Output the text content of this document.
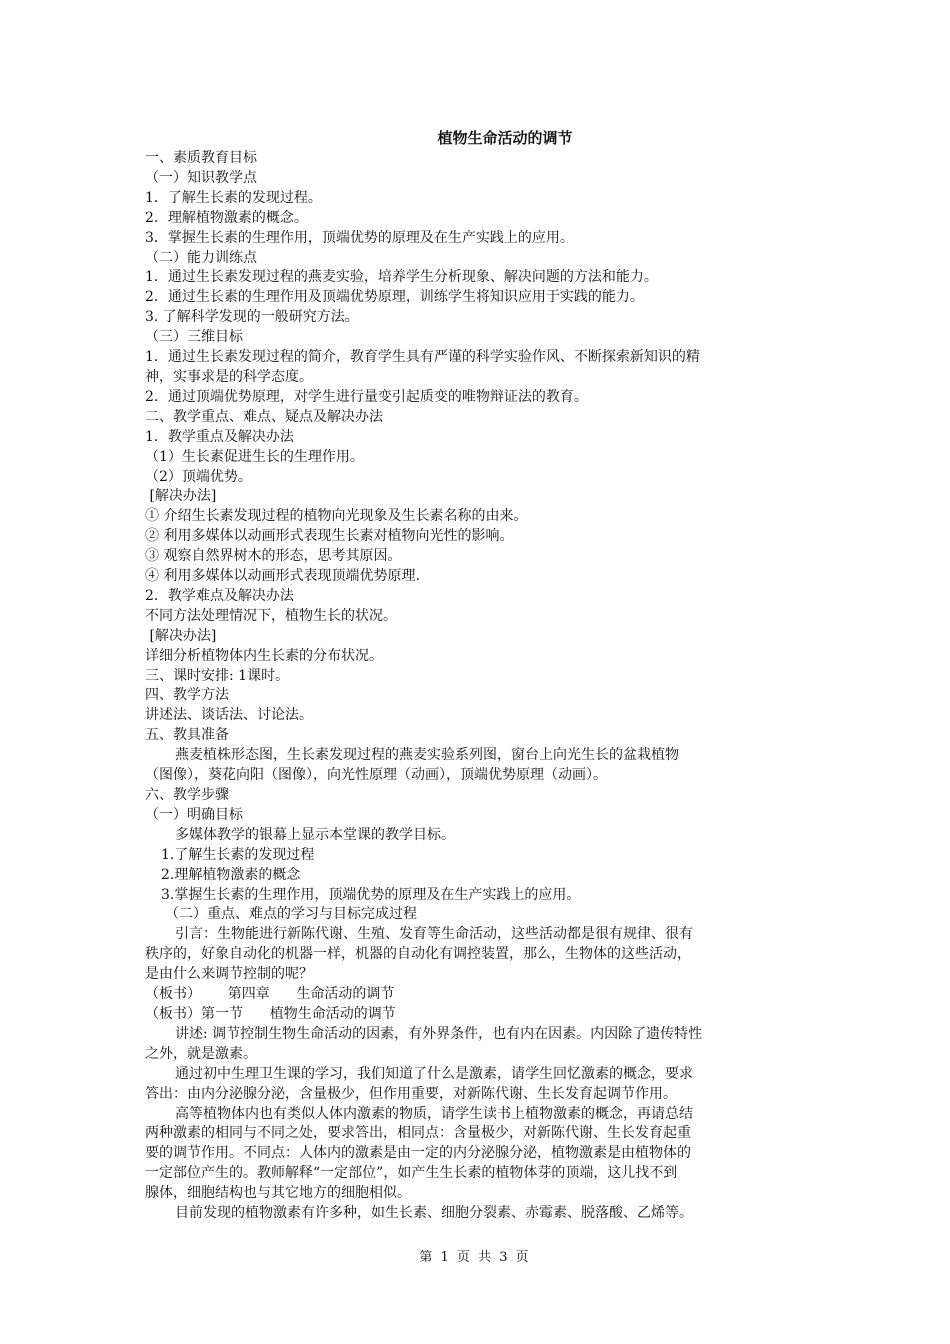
植物生命活动的调节
一、素质教育目标
（一）知识教学点
1．了解生长素的发现过程。
2．理解植物激素的概念。
3．掌握生长素的生理作用，顶端优势的原理及在生产实践上的应用。
（二）能力训练点
1．通过生长素发现过程的燕麦实验，培养学生分析现象、解决问题的方法和能力。
2．通过生长素的生理作用及顶端优势原理，训练学生将知识应用于实践的能力。
3. 了解科学发现的一般研究方法。
（三）三维目标
1．通过生长素发现过程的简介，教育学生具有严谨的科学实验作风、不断探索新知识的精
神，实事求是的科学态度。
2．通过顶端优势原理，对学生进行量变引起质变的唯物辩证法的教育。
二、教学重点、难点、疑点及解决办法
1．教学重点及解决办法
（1）生长素促进生长的生理作用。
（2）顶端优势。
[解决办法]
① 介绍生长素发现过程的植物向光现象及生长素名称的由来。
② 利用多媒体以动画形式表现生长素对植物向光性的影响。
③ 观察自然界树木的形态，思考其原因。
④ 利用多媒体以动画形式表现顶端优势原理.
2．教学难点及解决办法
不同方法处理情况下，植物生长的状况。
[解决办法]
详细分析植物体内生长素的分布状况。
三、课时安排: 1课时。
四、教学方法
讲述法、谈话法、讨论法。
五、教具准备
燕麦植株形态图，生长素发现过程的燕麦实验系列图，窗台上向光生长的盆栽植物
（图像），葵花向阳（图像），向光性原理（动画），顶端优势原理（动画）。
六、教学步骤
（一）明确目标
多媒体教学的银幕上显示本堂课的教学目标。
1.了解生长素的发现过程
2.理解植物激素的概念
3.掌握生长素的生理作用，顶端优势的原理及在生产实践上的应用。
（二）重点、难点的学习与目标完成过程
引言：生物能进行新陈代谢、生殖、发育等生命活动，这些活动都是很有规律、很有
秩序的，好象自动化的机器一样，机器的自动化有调控装置，那么，生物体的这些活动，
是由什么来调节控制的呢？
（板书）      第四章      生命活动的调节
（板书）第一节      植物生命活动的调节
讲述: 调节控制生物生命活动的因素，有外界条件，也有内在因素。内因除了遗传特性
之外，就是激素。
通过初中生理卫生课的学习，我们知道了什么是激素，请学生回忆激素的概念，要求
答出：由内分泌腺分泌，含量极少，但作用重要，对新陈代谢、生长发育起调节作用。
高等植物体内也有类似人体内激素的物质，请学生读书上植物激素的概念，再请总结
两种激素的相同与不同之处，要求答出，相同点：含量极少，对新陈代谢、生长发育起重
要的调节作用。不同点：人体内的激素是由一定的内分泌腺分泌，植物激素是由植物体的
一定部位产生的。教师解释“一定部位”，如产生生长素的植物体芽的顶端，这儿找不到
腺体，细胞结构也与其它地方的细胞相似。
目前发现的植物激素有许多种，如生长素、细胞分裂素、赤霉素、脱落酸、乙烯等。
第 1 页 共 3 页
